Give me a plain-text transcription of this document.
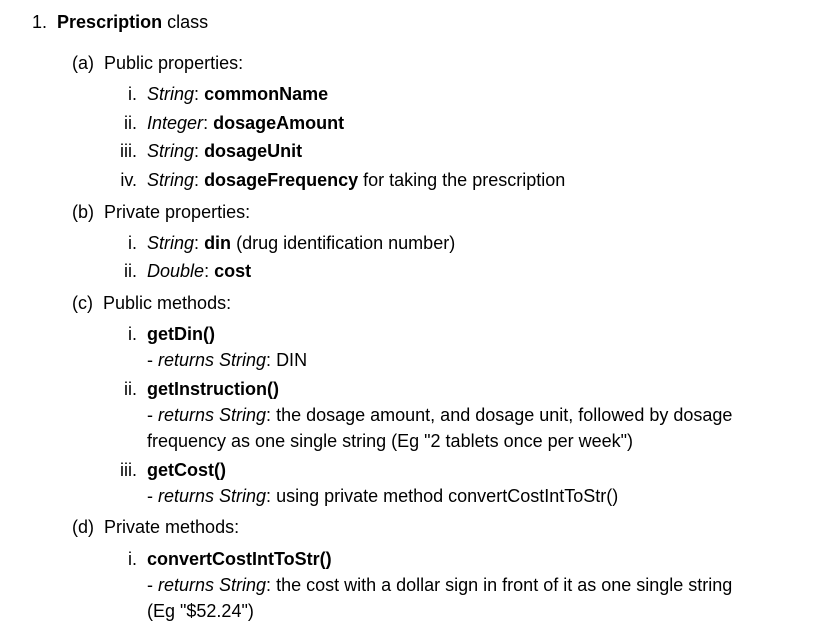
1. Prescription class
(a) Public properties:
i. String: commonName
ii. Integer: dosageAmount
iii. String: dosageUnit
iv. String: dosageFrequency for taking the prescription
(b) Private properties:
i. String: din (drug identification number)
ii. Double: cost
(c) Public methods:
i. getDin()
- returns String: DIN
ii. getInstruction()
- returns String: the dosage amount, and dosage unit, followed by dosage
frequency as one single string (Eg "2 tablets once per week")
iii. getCost()
- returns String: using private method convertCostIntToStr()
(d) Private methods:
i. convertCostIntToStr()
- returns String: the cost with a dollar sign in front of it as one single string
(Eg "$52.24")
